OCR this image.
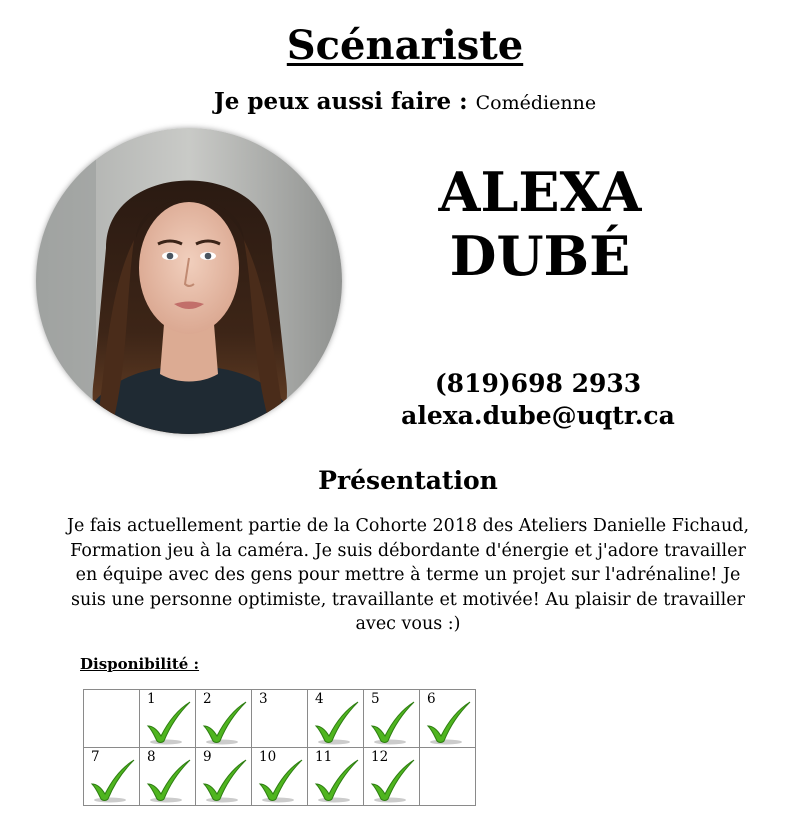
Scénariste
Je peux aussi faire : Comédienne
ALEXA
DUBÉ
(819)698 2933
alexa.dube@uqtr.ca
Présentation
Je fais actuellement partie de la Cohorte 2018 des Ateliers Danielle Fichaud, Formation jeu à la caméra. Je suis débordante d'énergie et j'adore travailler en équipe avec des gens pour mettre à terme un projet sur l'adrénaline! Je suis une personne optimiste, travaillante et motivée! Au plaisir de travailler avec vous :)
Disponibilité :

	1	2	3	4	5	6

7	8	9	10	11	12	
